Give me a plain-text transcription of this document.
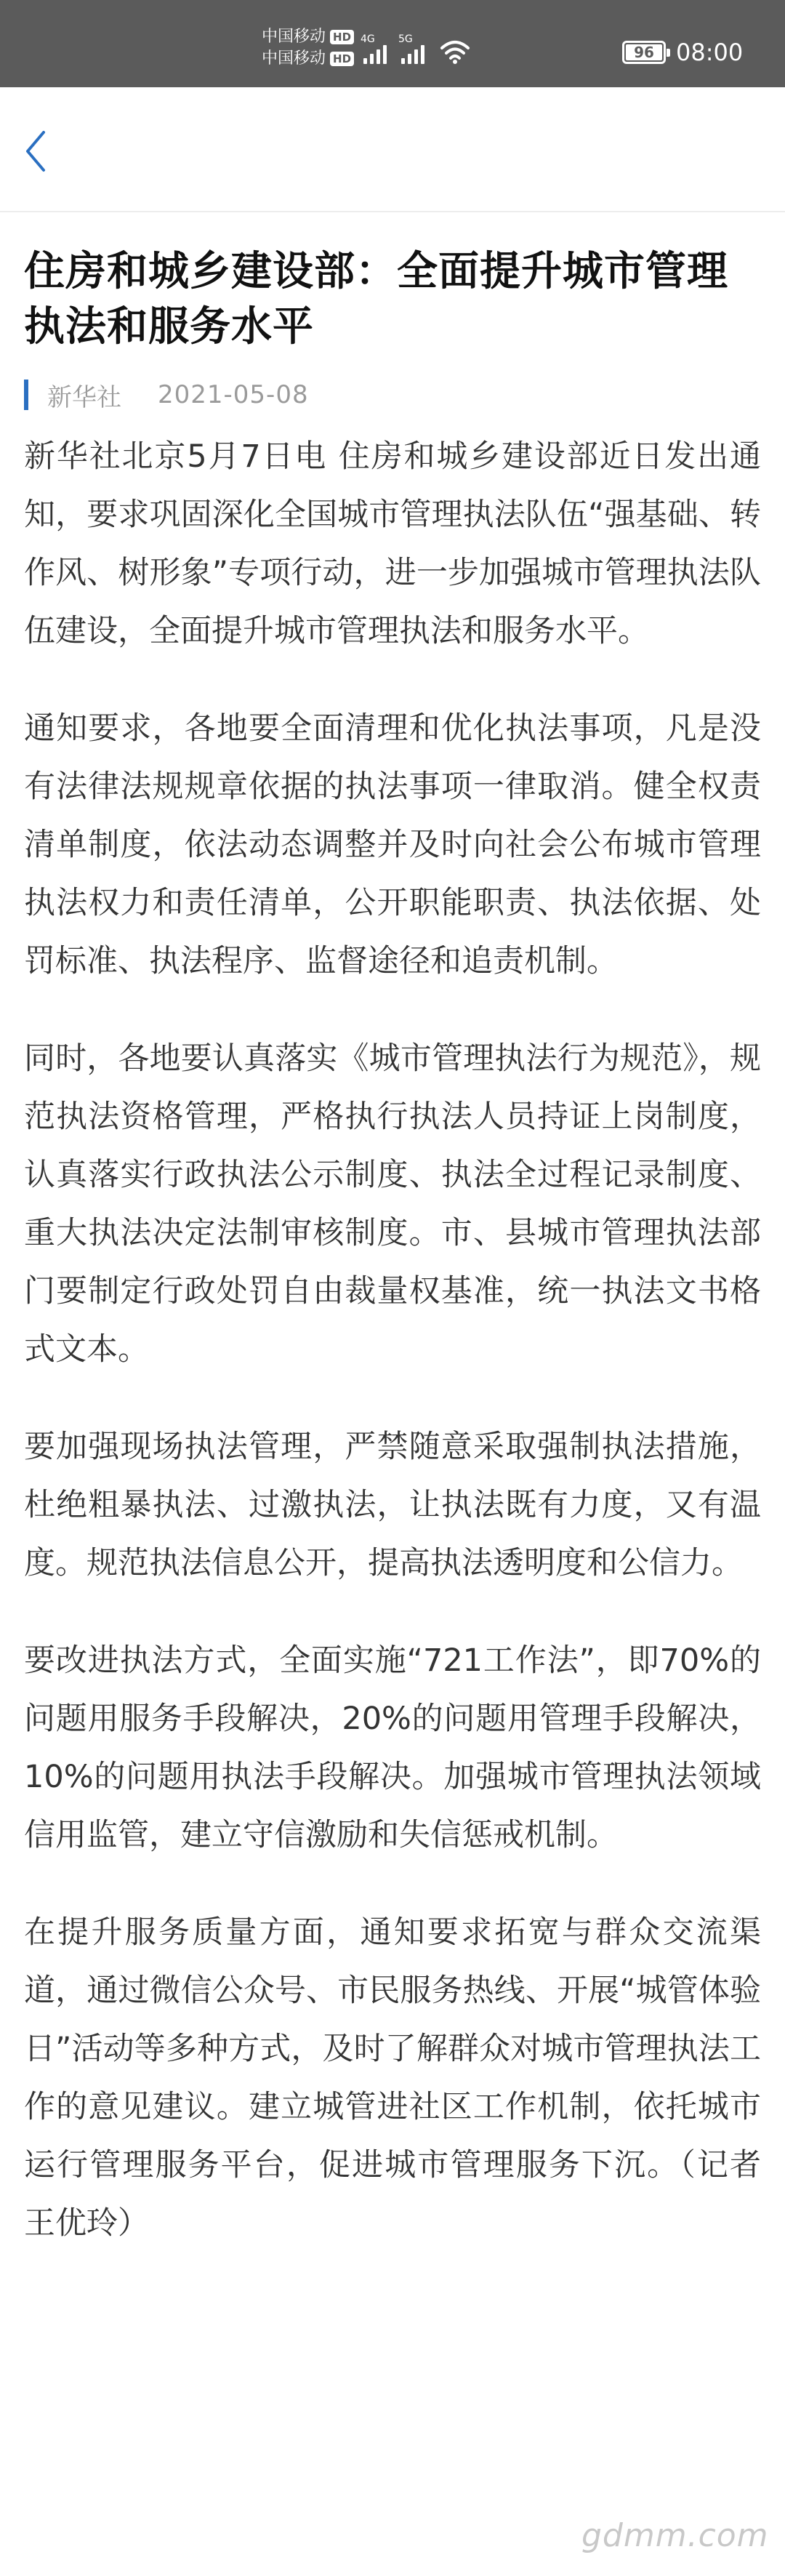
中国移动 HD
中国移动 HD
4G 5G
96 08:00
住房和城乡建设部：全面提升城市管理执法和服务水平
新华社 2021-05-08

新华社北京5月7日电 住房和城乡建设部近日发出通知，要求巩固深化全国城市管理执法队伍“强基础、转作风、树形象”专项行动，进一步加强城市管理执法队伍建设，全面提升城市管理执法和服务水平。

通知要求，各地要全面清理和优化执法事项，凡是没有法律法规规章依据的执法事项一律取消。健全权责清单制度，依法动态调整并及时向社会公布城市管理执法权力和责任清单，公开职能职责、执法依据、处罚标准、执法程序、监督途径和追责机制。

同时，各地要认真落实《城市管理执法行为规范》，规范执法资格管理，严格执行执法人员持证上岗制度，认真落实行政执法公示制度、执法全过程记录制度、重大执法决定法制审核制度。市、县城市管理执法部门要制定行政处罚自由裁量权基准，统一执法文书格式文本。

要加强现场执法管理，严禁随意采取强制执法措施，杜绝粗暴执法、过激执法，让执法既有力度，又有温度。规范执法信息公开，提高执法透明度和公信力。

要改进执法方式，全面实施“721工作法”，即70%的问题用服务手段解决，20%的问题用管理手段解决，10%的问题用执法手段解决。加强城市管理执法领域信用监管，建立守信激励和失信惩戒机制。

在提升服务质量方面，通知要求拓宽与群众交流渠道，通过微信公众号、市民服务热线、开展“城管体验日”活动等多种方式，及时了解群众对城市管理执法工作的意见建议。建立城管进社区工作机制，依托城市运行管理服务平台，促进城市管理服务下沉。（记者 王优玲）

gdmm.com
